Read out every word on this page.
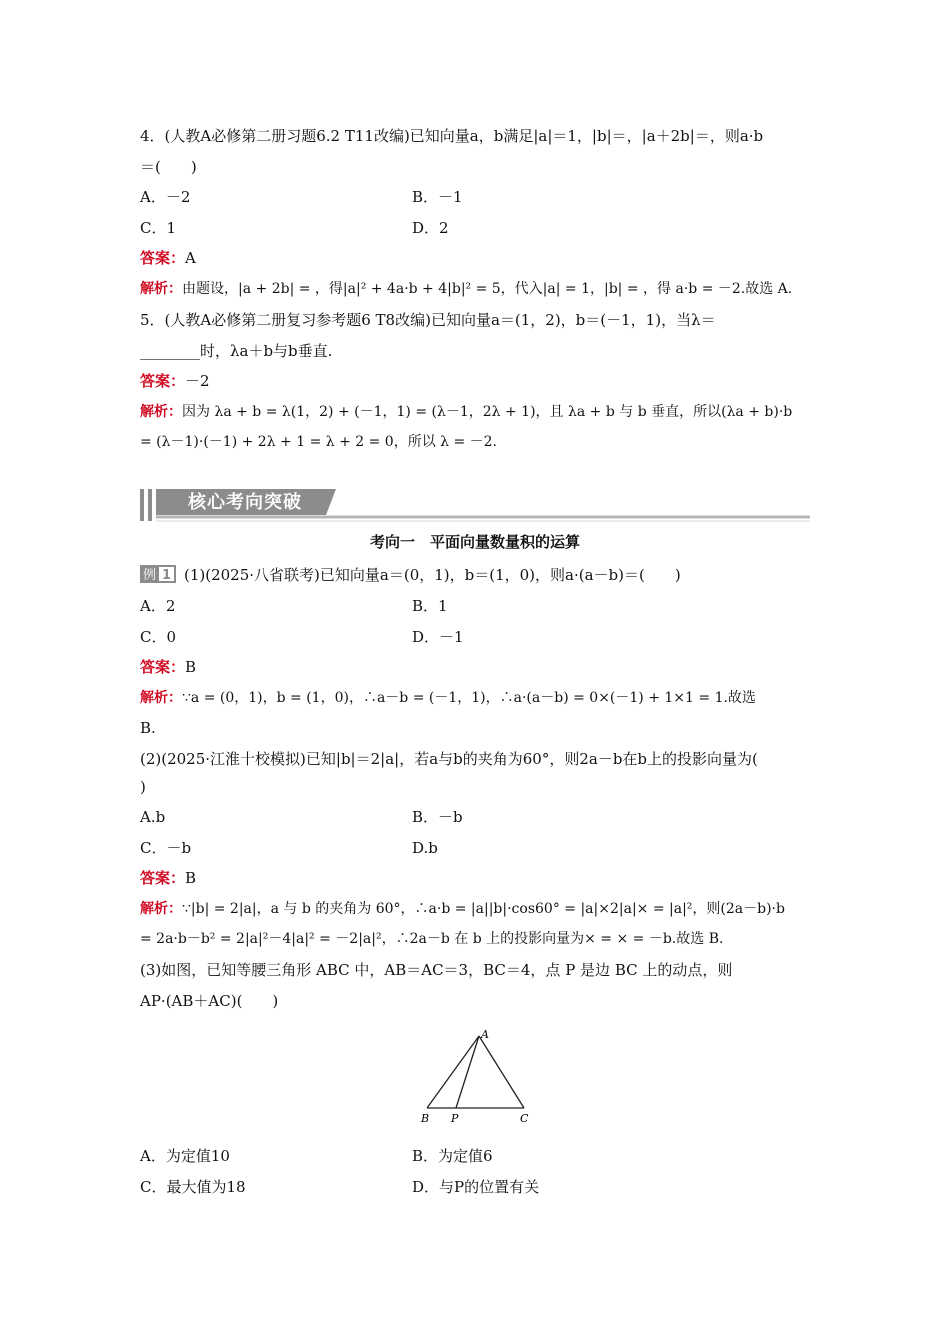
4．(人教A必修第二册习题6.2 T11改编)已知向量a，b满足|a|＝1，|b|＝，|a＋2b|＝，则a·b
＝(　　)
A．－2	B．－1
C．1	D．2
答案：A
解析：由题设，|a + 2b| = ，得|a|² + 4a·b + 4|b|² = 5，代入|a| = 1，|b| = ，得 a·b = －2.故选 A.
5．(人教A必修第二册复习参考题6 T8改编)已知向量a＝(1，2)，b＝(－1，1)，当λ＝
________时，λa＋b与b垂直.
答案：－2
解析：因为 λa + b = λ(1，2) + (－1，1) = (λ－1，2λ + 1)，且 λa + b 与 b 垂直，所以(λa + b)·b
= (λ－1)·(－1) + 2λ + 1 = λ + 2 = 0，所以 λ = －2.
核心考向突破
考向一　平面向量数量积的运算
例 1 (1)(2025·八省联考)已知向量a＝(0，1)，b＝(1，0)，则a·(a－b)＝(　　)
A．2	B．1
C．0	D．－1
答案：B
解析：∵a = (0，1)，b = (1，0)，∴a－b = (－1，1)，∴a·(a－b) = 0×(－1) + 1×1 = 1.故选
B.
(2)(2025·江淮十校模拟)已知|b|＝2|a|，若a与b的夹角为60°，则2a－b在b上的投影向量为(
)
A.b	B．－b
C．－b	D.b
答案：B
解析：∵|b| = 2|a|，a 与 b 的夹角为 60°，∴a·b = |a||b|·cos60° = |a|×2|a|× = |a|²，则(2a－b)·b
= 2a·b－b² = 2|a|²－4|a|² = －2|a|²，∴2a－b 在 b 上的投影向量为× = × = －b.故选 B.
(3)如图，已知等腰三角形 ABC 中，AB＝AC＝3，BC＝4，点 P 是边 BC 上的动点，则
AP·(AB＋AC)(　　)
A
B P	C
A．为定值10	B．为定值6
C．最大值为18	D．与P的位置有关
